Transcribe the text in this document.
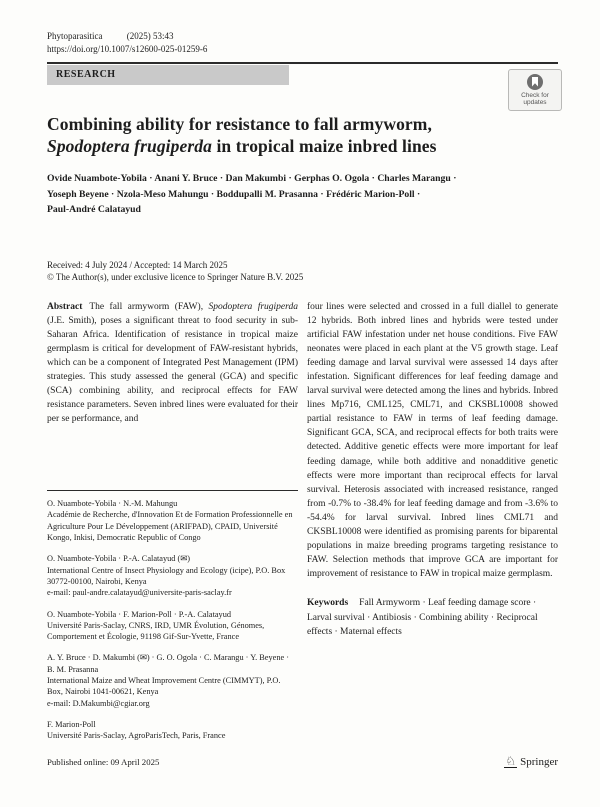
Phytoparasitica	(2025) 53:43
https://doi.org/10.1007/s12600-025-01259-6
RESEARCH
Check for updates
Combining ability for resistance to fall armyworm,
Spodoptera frugiperda in tropical maize inbred lines
Ovide Nuambote-Yobila · Anani Y. Bruce · Dan Makumbi · Gerphas O. Ogola · Charles Marangu ·
Yoseph Beyene · Nzola-Meso Mahungu · Boddupalli M. Prasanna · Frédéric Marion-Poll ·
Paul-André Calatayud
Received: 4 July 2024 / Accepted: 14 March 2025
© The Author(s), under exclusive licence to Springer Nature B.V. 2025

Abstract The fall armyworm (FAW), Spodoptera frugiperda (J.E. Smith), poses a significant threat to food security in sub-Saharan Africa. Identification of resistance in tropical maize germplasm is critical for development of FAW-resistant hybrids, which can be a component of Integrated Pest Management (IPM) strategies. This study assessed the general (GCA) and specific (SCA) combining ability, and reciprocal effects for FAW resistance parameters. Seven inbred lines were evaluated for their per se performance, and

O. Nuambote-Yobila · N.-M. Mahungu
Académie de Recherche, d'Innovation Et de Formation Professionnelle en Agriculture Pour Le Développement (ARIFPAD), CPAID, Université Kongo, Inkisi, Democratic Republic of Congo
O. Nuambote-Yobila · P.-A. Calatayud (✉)
International Centre of Insect Physiology and Ecology (icipe), P.O. Box 30772-00100, Nairobi, Kenya
e-mail: paul-andre.calatayud@universite-paris-saclay.fr
O. Nuambote-Yobila · F. Marion-Poll · P.-A. Calatayud
Université Paris-Saclay, CNRS, IRD, UMR Évolution, Génomes, Comportement et Écologie, 91198 Gif-Sur-Yvette, France
A. Y. Bruce · D. Makumbi (✉) · G. O. Ogola · C. Marangu · Y. Beyene · B. M. Prasanna
International Maize and Wheat Improvement Centre (CIMMYT), P.O. Box, Nairobi 1041-00621, Kenya
e-mail: D.Makumbi@cgiar.org
F. Marion-Poll
Université Paris-Saclay, AgroParisTech, Paris, France

four lines were selected and crossed in a full diallel to generate 12 hybrids. Both inbred lines and hybrids were tested under artificial FAW infestation under net house conditions. Five FAW neonates were placed in each plant at the V5 growth stage. Leaf feeding damage and larval survival were assessed 14 days after infestation. Significant differences for leaf feeding damage and larval survival were detected among the lines and hybrids. Inbred lines Mp716, CML125, CML71, and CKSBL10008 showed partial resistance to FAW in terms of leaf feeding damage. Significant GCA, SCA, and reciprocal effects for both traits were detected. Additive genetic effects were more important for leaf feeding damage, while both additive and nonadditive genetic effects were more important than reciprocal effects for larval survival. Heterosis associated with increased resistance, ranged from -0.7% to -38.4% for leaf feeding damage and from -3.6% to -54.4% for larval survival. Inbred lines CML71 and CKSBL10008 were identified as promising parents for biparental populations in maize breeding programs targeting resistance to FAW. Selection methods that improve GCA are important for improvement of resistance to FAW in tropical maize germplasm.

Keywords Fall Armyworm · Leaf feeding damage score · Larval survival · Antibiosis · Combining ability · Reciprocal effects · Maternal effects

Published online: 09 April 2025	♘ Springer
